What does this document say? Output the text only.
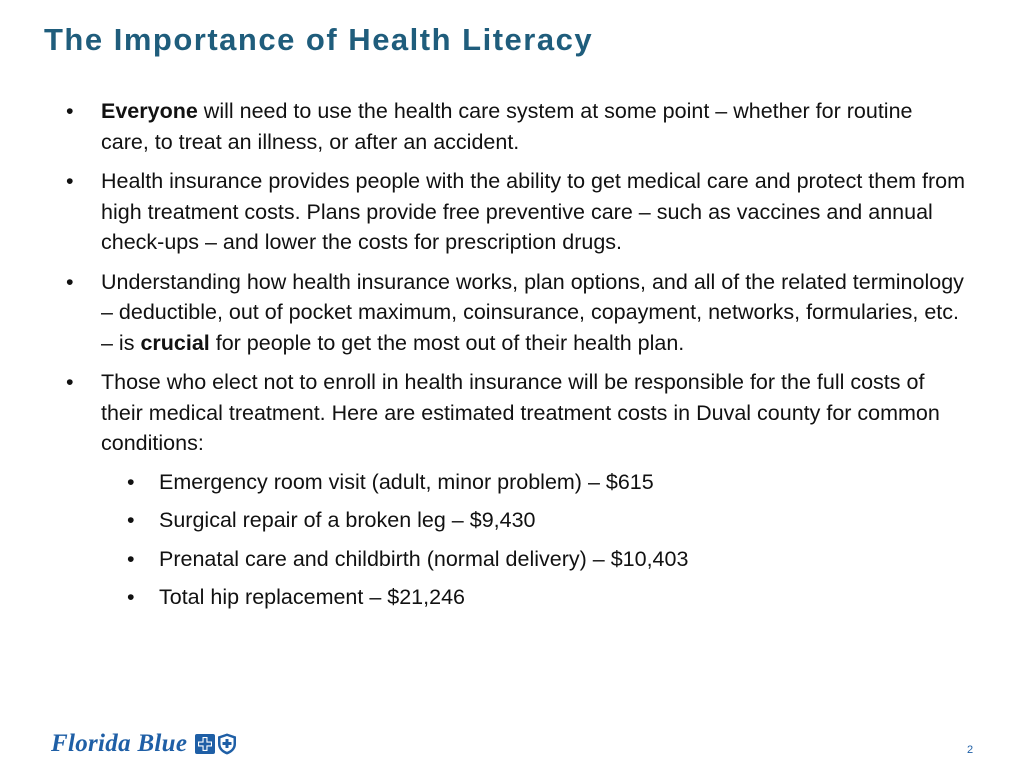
The Importance of Health Literacy
• Everyone will need to use the health care system at some point – whether for routine care, to treat an illness, or after an accident.
• Health insurance provides people with the ability to get medical care and protect them from high treatment costs. Plans provide free preventive care – such as vaccines and annual check-ups – and lower the costs for prescription drugs.
• Understanding how health insurance works, plan options, and all of the related terminology – deductible, out of pocket maximum, coinsurance, copayment, networks, formularies, etc. – is crucial for people to get the most out of their health plan.
• Those who elect not to enroll in health insurance will be responsible for the full costs of their medical treatment. Here are estimated treatment costs in Duval county for common conditions:
• Emergency room visit (adult, minor problem) – $615
• Surgical repair of a broken leg – $9,430
• Prenatal care and childbirth (normal delivery) – $10,403
• Total hip replacement – $21,246
Florida Blue	2
